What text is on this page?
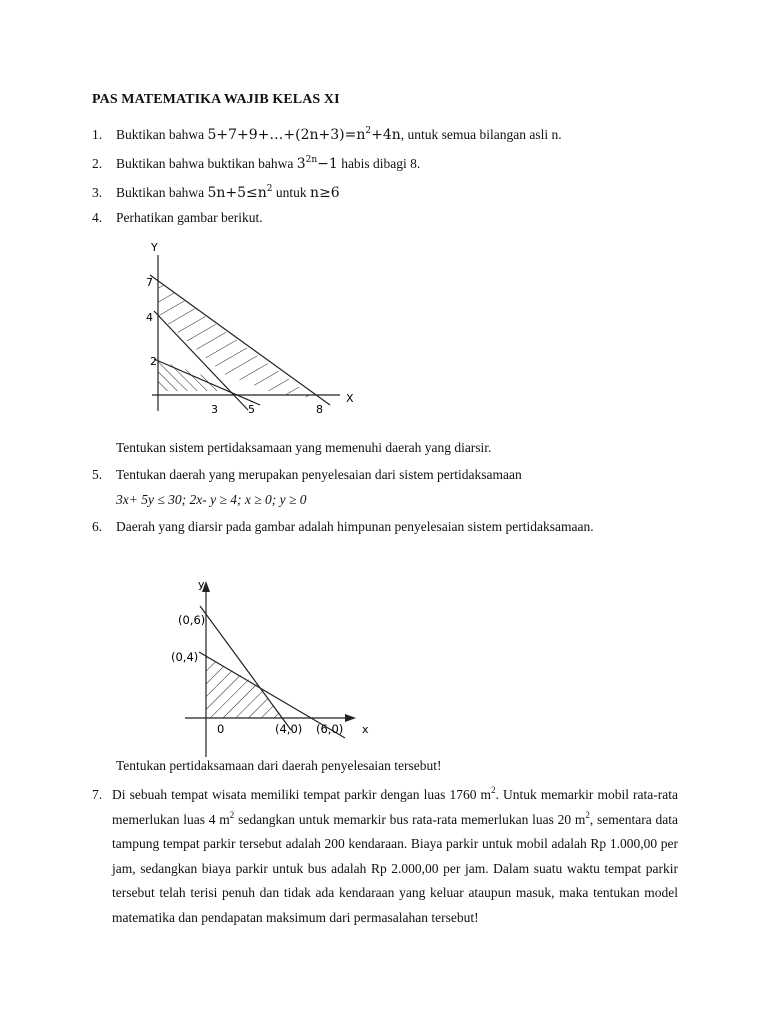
PAS MATEMATIKA WAJIB KELAS XI
1.	Buktikan bahwa $5+7+9+\dots+(2n+3)=n^2+4n$, untuk semua bilangan asli n.
2.	Buktikan bahwa buktikan bahwa $3^{2n}-1$ habis dibagi 8.
3.	Buktikan bahwa $5n+5\le n^2$ untuk n≥6
4.	Perhatikan gambar berikut.
Y
X
7
4
2
3	5	8
Tentukan sistem pertidaksamaan yang memenuhi daerah yang diarsir.
5.	Tentukan daerah yang merupakan penyelesaian dari sistem pertidaksamaan
3x+ 5y ≤ 30; 2x- y ≥ 4; x ≥ 0; y ≥ 0
6.	Daerah yang diarsir pada gambar adalah himpunan penyelesaian sistem pertidaksamaan.
y
x
(0,6)
(0,4)
0	(4,0) (6,0)
Tentukan pertidaksamaan dari daerah penyelesaian tersebut!
7. Di sebuah tempat wisata memiliki tempat parkir dengan luas 1760 $m^2$. Untuk memarkir mobil rata-rata memerlukan luas 4 $m^2$ sedangkan untuk memarkir bus rata-rata memerlukan luas 20 $m^2$, sementara data tampung tempat parkir tersebut adalah 200 kendaraan. Biaya parkir untuk mobil adalah Rp 1.000,00 per jam, sedangkan biaya parkir untuk bus adalah Rp 2.000,00 per jam. Dalam suatu waktu tempat parkir tersebut telah terisi penuh dan tidak ada kendaraan yang keluar ataupun masuk, maka tentukan model matematika dan pendapatan maksimum dari permasalahan tersebut!
